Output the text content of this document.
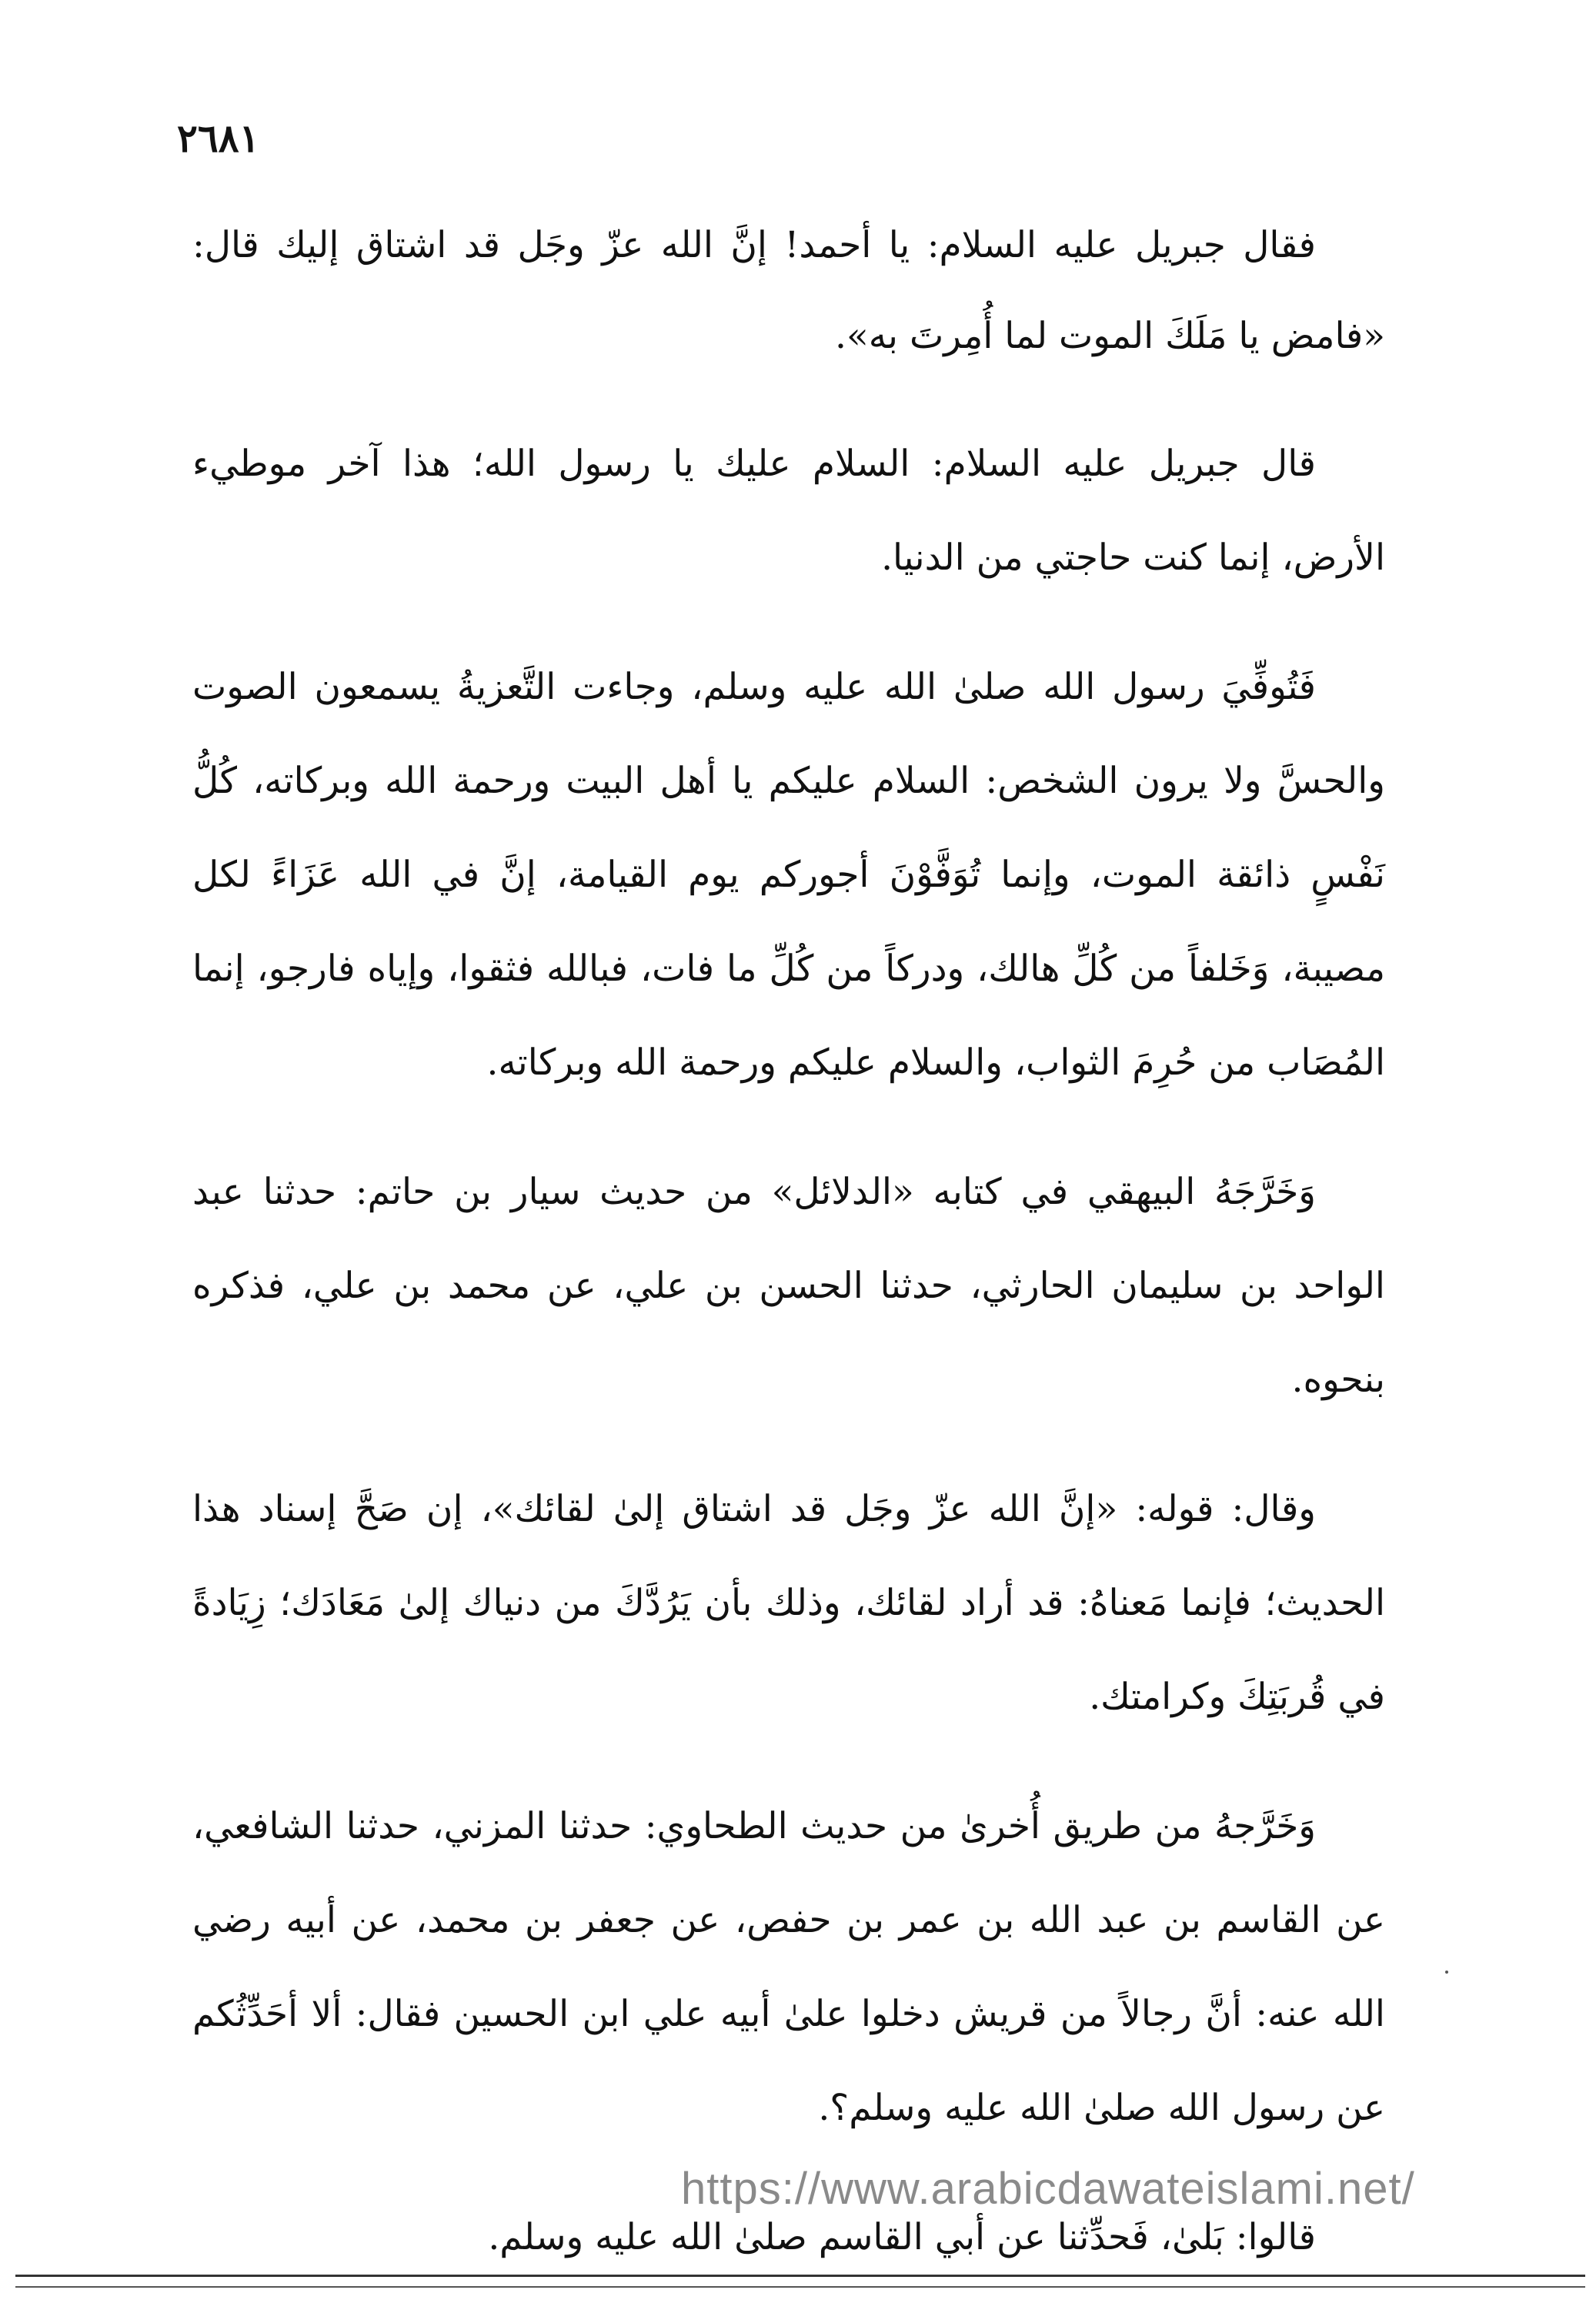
٢٦٨١

فقال جبريل عليه السلام: يا أحمد! إنَّ الله عزّ وجَل قد اشتاق إليك قال: «فامض يا مَلَكَ الموت لما أُمِرتَ به».

قال جبريل عليه السلام: السلام عليك يا رسول الله؛ هذا آخر موطيء الأرض، إنما كنت حاجتي من الدنيا.

فَتُوفِّيَ رسول الله صلىٰ الله عليه وسلم، وجاءت التَّعزيةُ يسمعون الصوت والحسَّ ولا يرون الشخص: السلام عليكم يا أهل البيت ورحمة الله وبركاته، كُلُّ نَفْسٍ ذائقة الموت، وإنما تُوَفَّوْنَ أجوركم يوم القيامة، إنَّ في الله عَزَاءً لكل مصيبة، وَخَلفاً من كُلِّ هالك، ودركاً من كُلِّ ما فات، فبالله فثقوا، وإياه فارجو، إنما المُصَاب من حُرِمَ الثواب، والسلام عليكم ورحمة الله وبركاته.

وَخَرَّجَهُ البيهقي في كتابه «الدلائل» من حديث سيار بن حاتم: حدثنا عبد الواحد بن سليمان الحارثي، حدثنا الحسن بن علي، عن محمد بن علي، فذكره بنحوه.

وقال: قوله: «إنَّ الله عزّ وجَل قد اشتاق إلىٰ لقائك»، إن صَحَّ إسناد هذا الحديث؛ فإنما مَعناهُ: قد أراد لقائك، وذلك بأن يَرُدَّكَ من دنياك إلىٰ مَعَادَك؛ زِيَادةً في قُربَتِكَ وكرامتك.

وَخَرَّجهُ من طريق أُخرىٰ من حديث الطحاوي: حدثنا المزني، حدثنا الشافعي، عن القاسم بن عبد الله بن عمر بن حفص، عن جعفر بن محمد، عن أبيه رضي الله عنه: أنَّ رجالاً من قريش دخلوا علىٰ أبيه علي ابن الحسين فقال: ألا أحَدِّثُكم عن رسول الله صلىٰ الله عليه وسلم؟.

قالوا: بَلىٰ، فَحدِّثنا عن أبي القاسم صلىٰ الله عليه وسلم.

https://www.arabicdawateislami.net/
